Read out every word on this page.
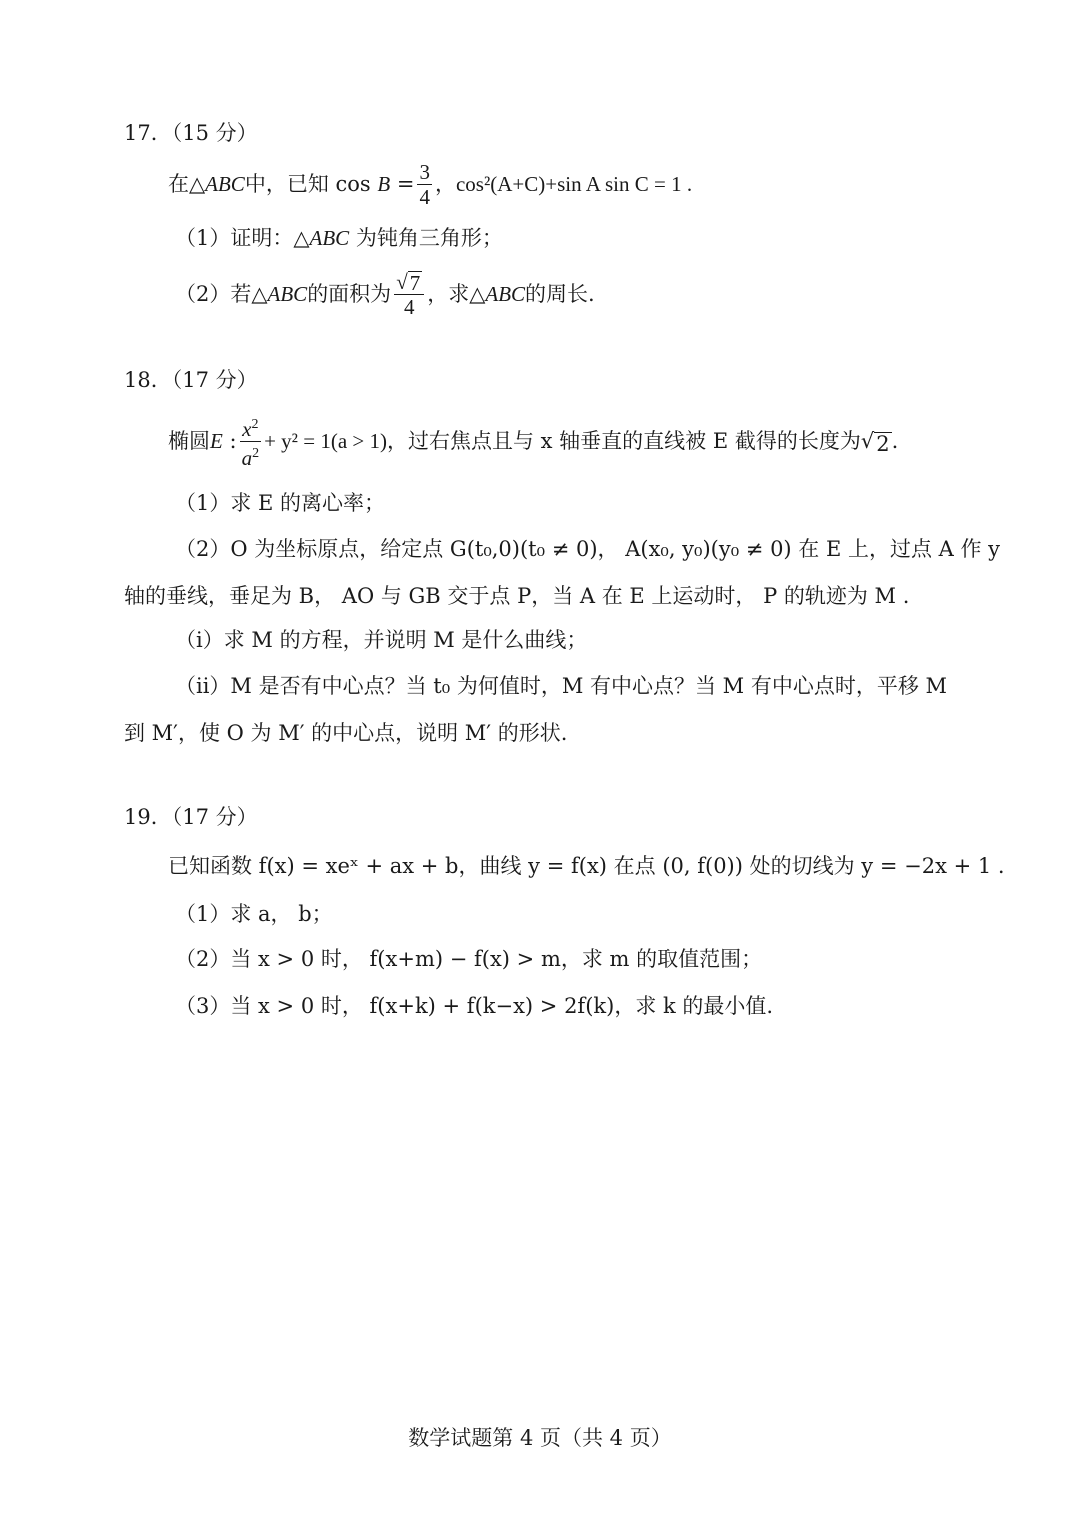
17．（15 分）
在△ ABC 中，已知 cos
$B = \frac{3}{4}$ ，cos²(A+C)+sin A sin C = 1 .
（1）证明：△ABC 为钝角三角形；
（2）若△ ABC 的面积为 $\frac{√ 7}{4}$ ，求△ ABC 的周长.
18．（17 分）
椭圆 E : $\frac{x^2}{a^2} + y^2 = 1(a > 1)$ ，过右焦点且与 x 轴垂直的直线被 E 截得的长度为 √ 2 .
（1）求 E 的离心率；
（2）O 为坐标原点，给定点 G(t₀,0)(t₀ ≠ 0)， A(x₀, y₀)(y₀ ≠ 0) 在 E 上，过点 A 作 y
轴的垂线，垂足为 B， AO 与 GB 交于点 P，当 A 在 E 上运动时， P 的轨迹为 M .
（ⅰ）求 M 的方程，并说明 M 是什么曲线；
（ⅱ）M 是否有中心点？当 t₀ 为何值时，M 有中心点？当 M 有中心点时，平移 M
到 M′，使 O 为 M′ 的中心点，说明 M′ 的形状.
19．（17 分）
已知函数 f(x) = xeˣ + ax + b，曲线 y = f(x) 在点 (0, f(0)) 处的切线为 y = −2x + 1 .
（1）求 a， b；
（2）当 x > 0 时， f(x+m) − f(x) > m，求 m 的取值范围；
（3）当 x > 0 时， f(x+k) + f(k−x) > 2f(k)，求 k 的最小值.
数学试题第 4 页（共 4 页）
